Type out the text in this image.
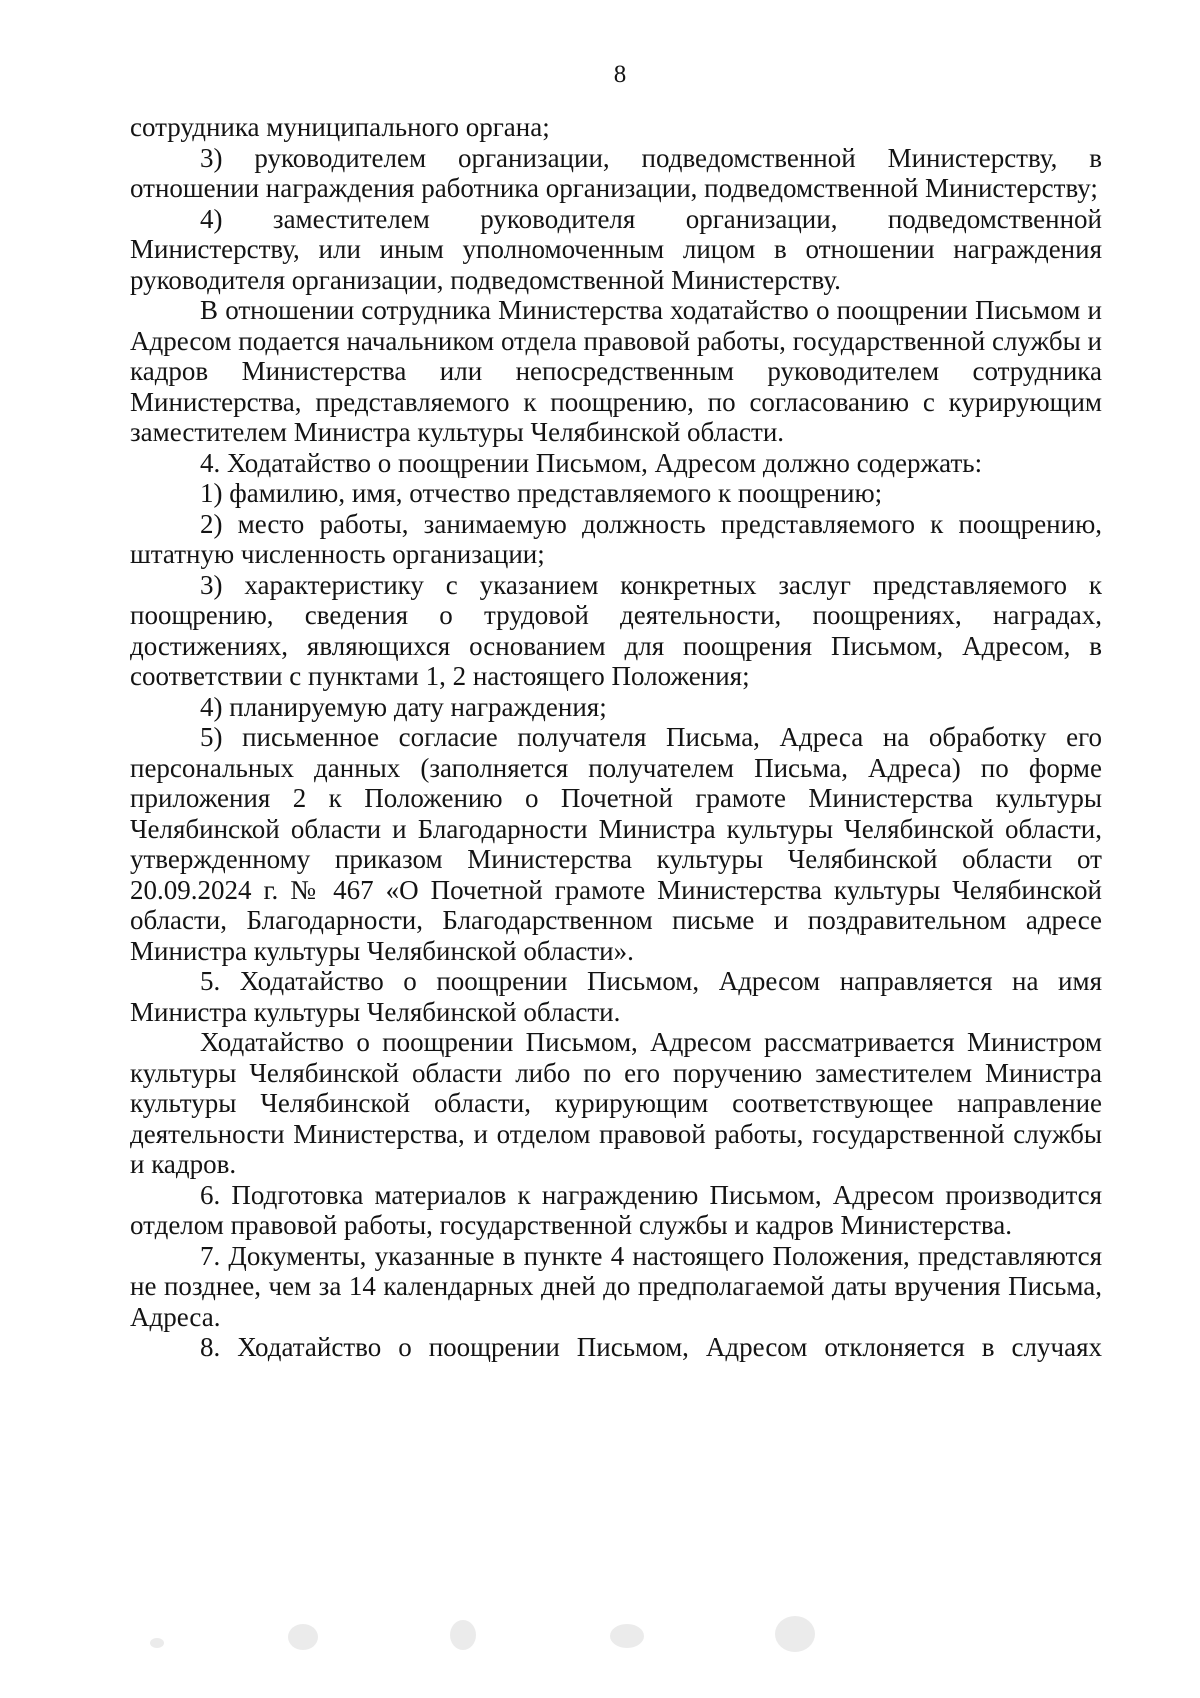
8

сотрудника муниципального органа;

3) руководителем организации, подведомственной Министерству, в отношении награждения работника организации, подведомственной Министерству;

4) заместителем руководителя организации, подведомственной Министерству, или иным уполномоченным лицом в отношении награждения руководителя организации, подведомственной Министерству.

В отношении сотрудника Министерства ходатайство о поощрении Письмом и Адресом подается начальником отдела правовой работы, государственной службы и кадров Министерства или непосредственным руководителем сотрудника Министерства, представляемого к поощрению, по согласованию с курирующим заместителем Министра культуры Челябинской области.

4. Ходатайство о поощрении Письмом, Адресом должно содержать:

1) фамилию, имя, отчество представляемого к поощрению;

2) место работы, занимаемую должность представляемого к поощрению, штатную численность организации;

3) характеристику с указанием конкретных заслуг представляемого к поощрению, сведения о трудовой деятельности, поощрениях, наградах, достижениях, являющихся основанием для поощрения Письмом, Адресом, в соответствии с пунктами 1, 2 настоящего Положения;

4) планируемую дату награждения;

5) письменное согласие получателя Письма, Адреса на обработку его персональных данных (заполняется получателем Письма, Адреса) по форме приложения 2 к Положению о Почетной грамоте Министерства культуры Челябинской области и Благодарности Министра культуры Челябинской области, утвержденному приказом Министерства культуры Челябинской области от 20.09.2024 г. № 467 «О Почетной грамоте Министерства культуры Челябинской области, Благодарности, Благодарственном письме и поздравительном адресе Министра культуры Челябинской области».

5. Ходатайство о поощрении Письмом, Адресом направляется на имя Министра культуры Челябинской области.

Ходатайство о поощрении Письмом, Адресом рассматривается Министром культуры Челябинской области либо по его поручению заместителем Министра культуры Челябинской области, курирующим соответствующее направление деятельности Министерства, и отделом правовой работы, государственной службы и кадров.

6. Подготовка материалов к награждению Письмом, Адресом производится отделом правовой работы, государственной службы и кадров Министерства.

7. Документы, указанные в пункте 4 настоящего Положения, представляются не позднее, чем за 14 календарных дней до предполагаемой даты вручения Письма, Адреса.

8. Ходатайство о поощрении Письмом, Адресом отклоняется в случаях
